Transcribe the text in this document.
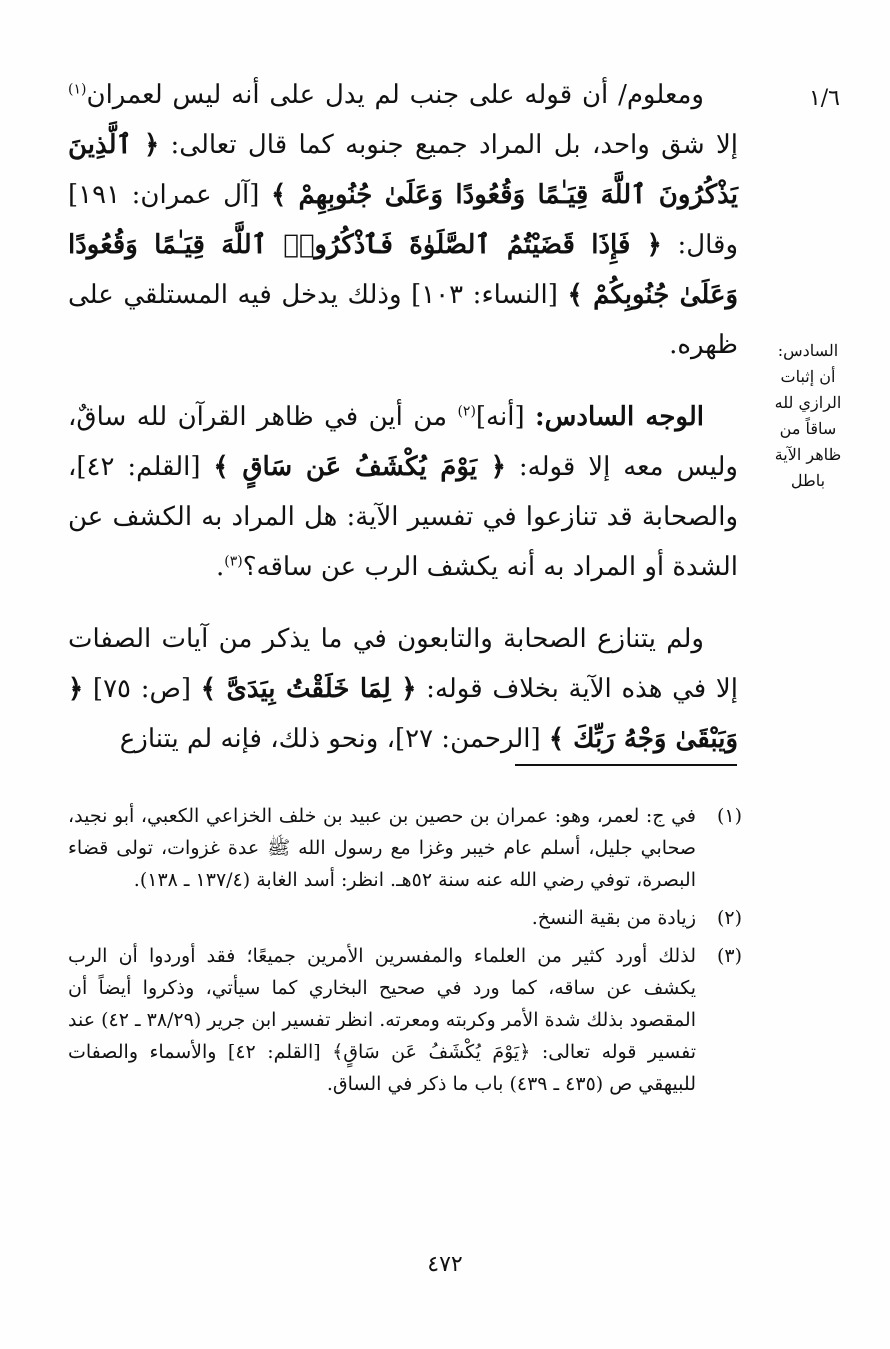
١/٦
السادس: أن إثبات الرازي لله ساقاً من ظاهر الآية باطل

ومعلوم/ أن قوله على جنب لم يدل على أنه ليس لعمران$^{(١)}$ إلا شق واحد، بل المراد جميع جنوبه كما قال تعالى: ﴿ ٱلَّذِينَ يَذْكُرُونَ ٱللَّهَ قِيَـٰمًا وَقُعُودًا وَعَلَىٰ جُنُوبِهِمْ ﴾ [آل عمران: ١٩١] وقال: ﴿ فَإِذَا قَضَيْتُمُ ٱلصَّلَوٰةَ فَٱذْكُرُوا۟ ٱللَّهَ قِيَـٰمًا وَقُعُودًا وَعَلَىٰ جُنُوبِكُمْ ﴾ [النساء: ١٠٣] وذلك يدخل فيه المستلقي على ظهره.

الوجه السادس: [أنه]$^{(٢)}$ من أين في ظاهر القرآن لله ساقٌ، وليس معه إلا قوله: ﴿ يَوْمَ يُكْشَفُ عَن سَاقٍ ﴾ [القلم: ٤٢]، والصحابة قد تنازعوا في تفسير الآية: هل المراد به الكشف عن الشدة أو المراد به أنه يكشف الرب عن ساقه؟$^{(٣)}$.

ولم يتنازع الصحابة والتابعون في ما يذكر من آيات الصفات إلا في هذه الآية بخلاف قوله: ﴿ لِمَا خَلَقْتُ بِيَدَىَّ ﴾ [ص: ٧٥] ﴿ وَيَبْقَىٰ وَجْهُ رَبِّكَ ﴾ [الرحمن: ٢٧]، ونحو ذلك، فإنه لم يتنازع

(١)
في ج: لعمر، وهو: عمران بن حصين بن عبيد بن خلف الخزاعي الكعبي، أبو نجيد، صحابي جليل، أسلم عام خيبر وغزا مع رسول الله ﷺ عدة غزوات، تولى قضاء البصرة، توفي رضي الله عنه سنة ٥٢هـ. انظر: أسد الغابة (١٣٧/٤ ـ ١٣٨).
(٢)
زيادة من بقية النسخ.
(٣)
لذلك أورد كثير من العلماء والمفسرين الأمرين جميعًا؛ فقد أوردوا أن الرب يكشف عن ساقه، كما ورد في صحيح البخاري كما سيأتي، وذكروا أيضاً أن المقصود بذلك شدة الأمر وكربته ومعرته. انظر تفسير ابن جرير (٣٨/٢٩ ـ ٤٢) عند تفسير قوله تعالى: ﴿يَوْمَ يُكْشَفُ عَن سَاقٍ﴾ [القلم: ٤٢] والأسماء والصفات للبيهقي ص (٤٣٥ ـ ٤٣٩) باب ما ذكر في الساق.
٤٧٢
